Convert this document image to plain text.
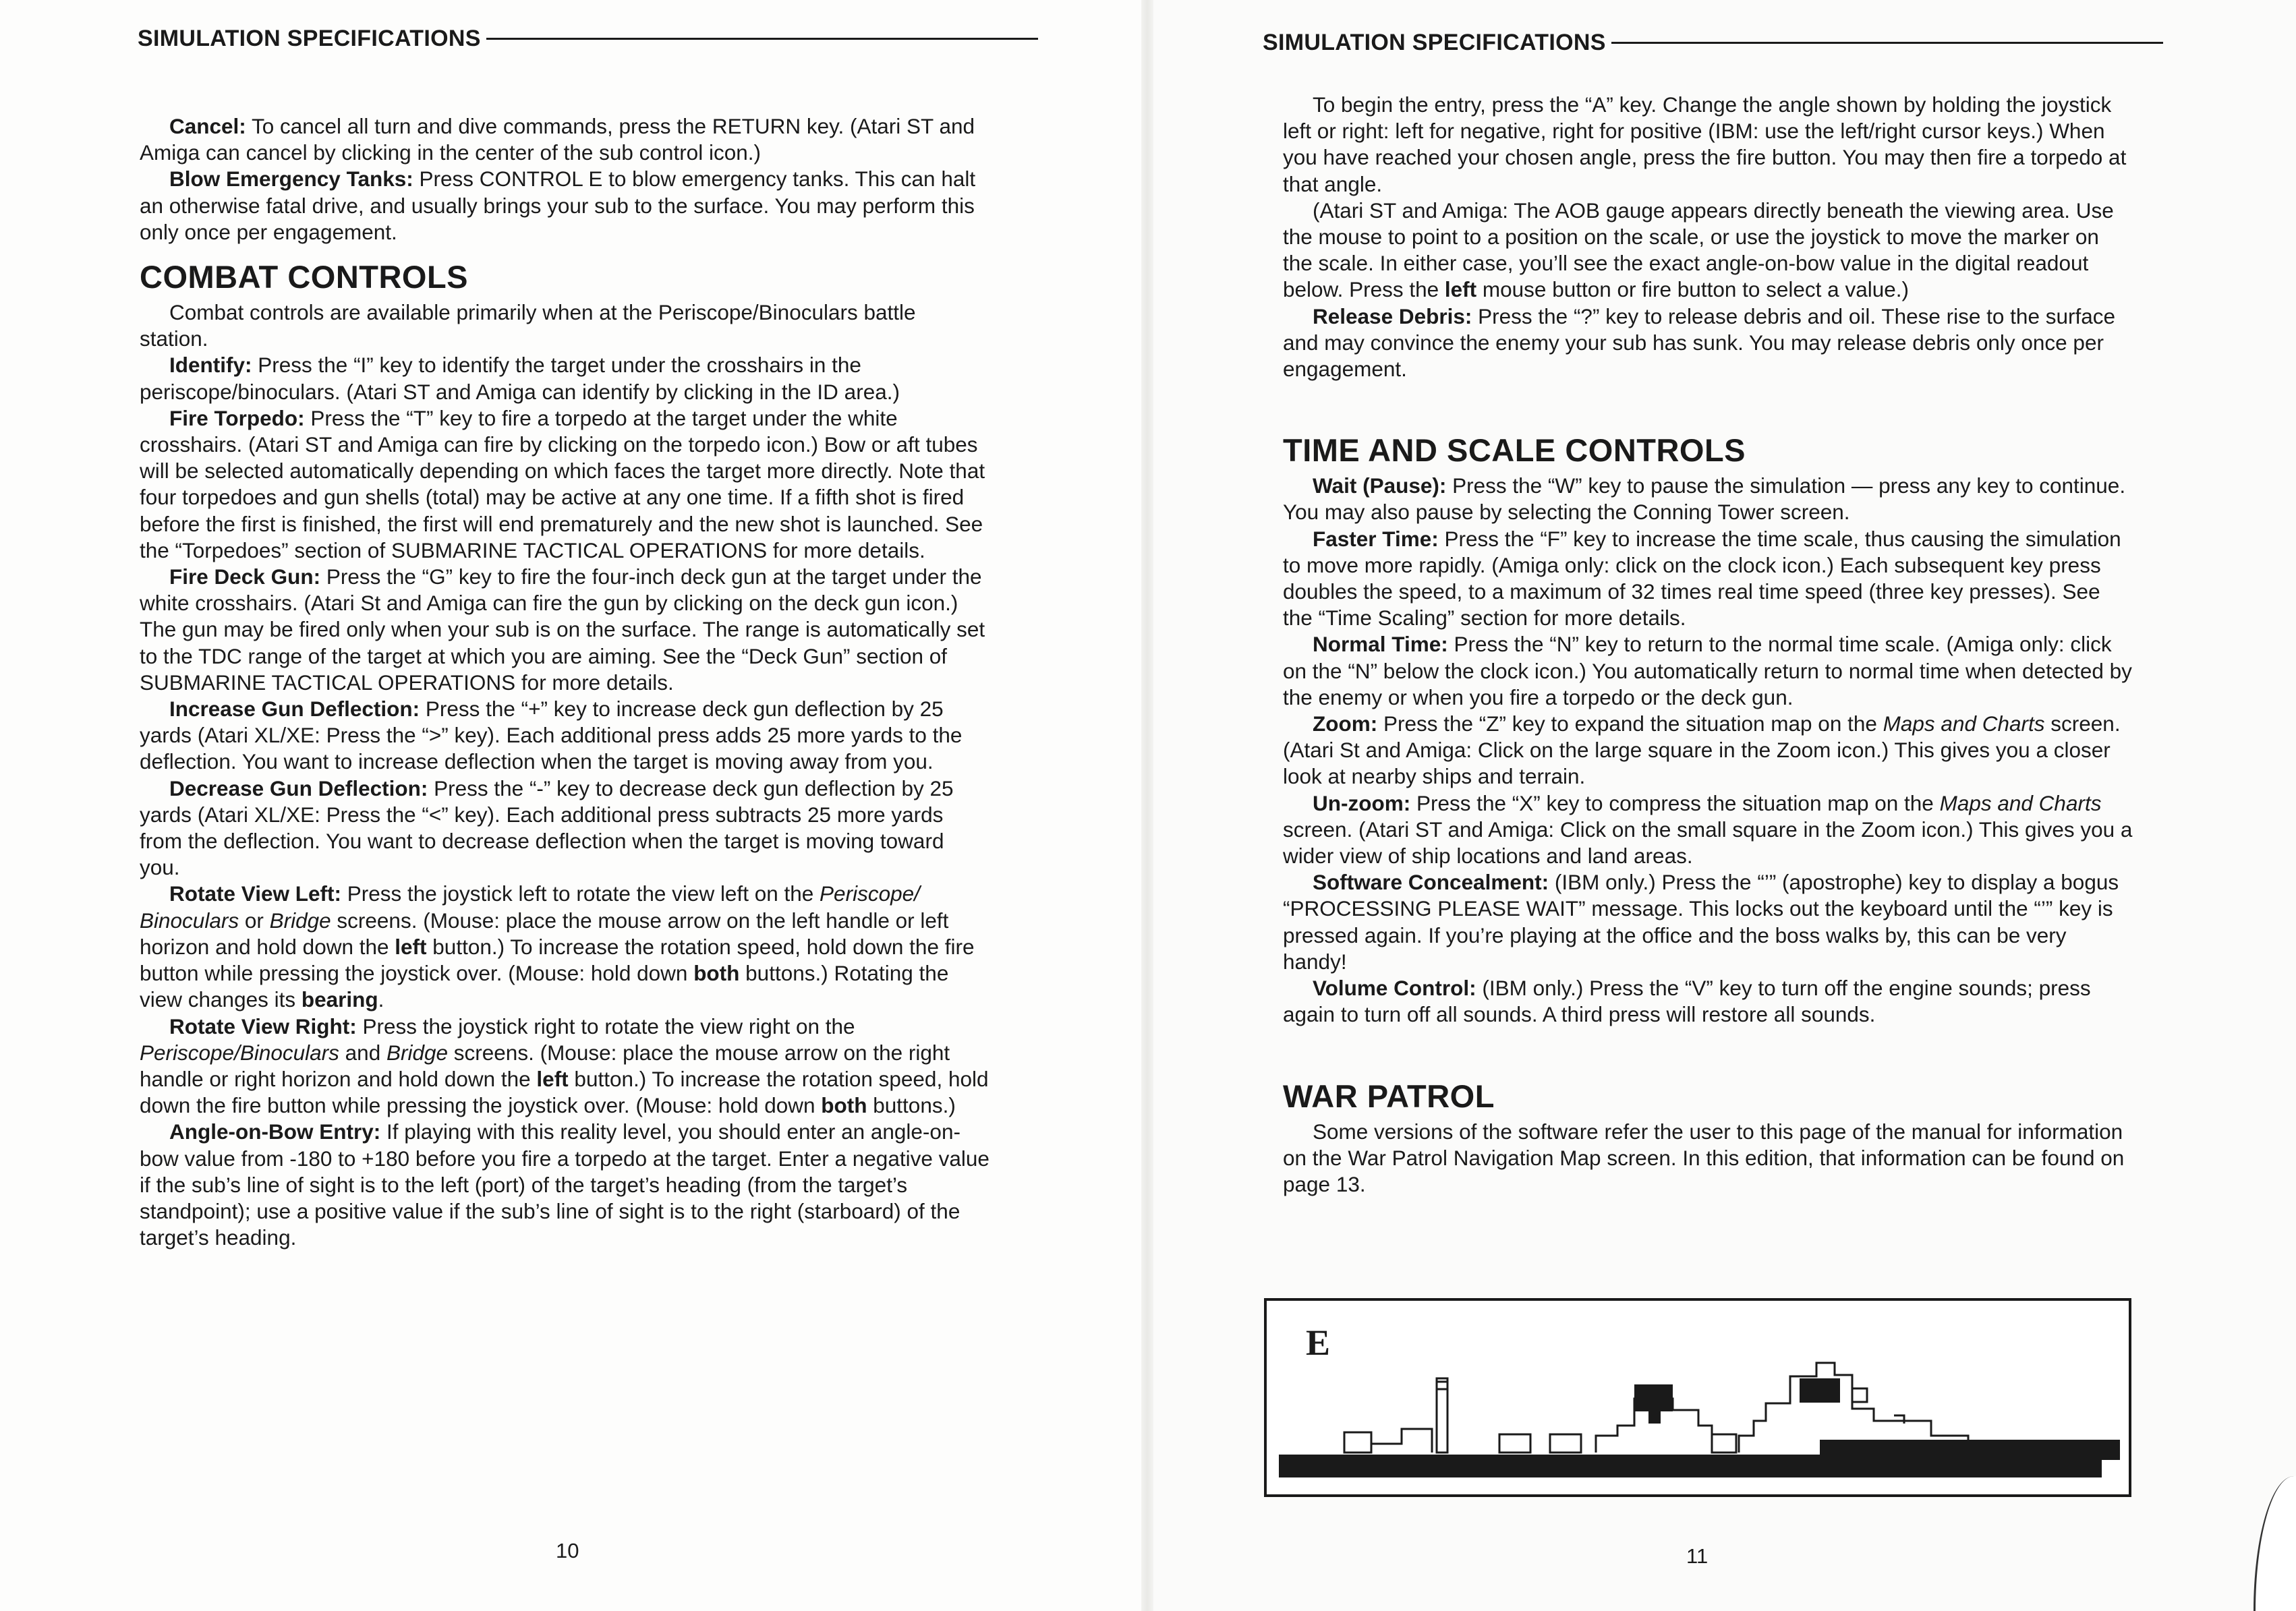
SIMULATION SPECIFICATIONS

Cancel: To cancel all turn and dive commands, press the RETURN key. (Atari ST and Amiga can cancel by clicking in the center of the sub control icon.)

Blow Emergency Tanks: Press CONTROL E to blow emergency tanks. This can halt an otherwise fatal drive, and usually brings your sub to the surface. You may perform this only once per engagement.

COMBAT CONTROLS

Combat controls are available primarily when at the Periscope/Binoculars battle station.

Identify: Press the “I” key to identify the target under the crosshairs in the periscope/binoculars. (Atari ST and Amiga can identify by clicking in the ID area.)

Fire Torpedo: Press the “T” key to fire a torpedo at the target under the white crosshairs. (Atari ST and Amiga can fire by clicking on the torpedo icon.) Bow or aft tubes will be selected automatically depending on which faces the target more directly. Note that four torpedoes and gun shells (total) may be active at any one time. If a fifth shot is fired before the first is finished, the first will end prematurely and the new shot is launched. See the “Torpedoes” section of SUBMARINE TACTICAL OPERATIONS for more details.

Fire Deck Gun: Press the “G” key to fire the four-inch deck gun at the target under the white crosshairs. (Atari St and Amiga can fire the gun by clicking on the deck gun icon.) The gun may be fired only when your sub is on the surface. The range is automatically set to the TDC range of the target at which you are aiming. See the “Deck Gun” section of SUBMARINE TACTICAL OPERATIONS for more details.

Increase Gun Deflection: Press the “+” key to increase deck gun deflection by 25 yards (Atari XL/XE: Press the “>” key). Each additional press adds 25 more yards to the deflection. You want to increase deflection when the target is moving away from you.

Decrease Gun Deflection: Press the “-” key to decrease deck gun deflection by 25 yards (Atari XL/XE: Press the “<” key). Each additional press subtracts 25 more yards from the deflection. You want to decrease deflection when the target is moving toward you.

Rotate View Left: Press the joystick left to rotate the view left on the Periscope/ Binoculars or Bridge screens. (Mouse: place the mouse arrow on the left handle or left horizon and hold down the left button.) To increase the rotation speed, hold down the fire button while pressing the joystick over. (Mouse: hold down both buttons.) Rotating the view changes its bearing.

Rotate View Right: Press the joystick right to rotate the view right on the Periscope/Binoculars and Bridge screens. (Mouse: place the mouse arrow on the right handle or right horizon and hold down the left button.) To increase the rotation speed, hold down the fire button while pressing the joystick over. (Mouse: hold down both buttons.)

Angle-on-Bow Entry: If playing with this reality level, you should enter an angle-on-bow value from -180 to +180 before you fire a torpedo at the target. Enter a negative value if the sub’s line of sight is to the left (port) of the target’s heading (from the target’s standpoint); use a positive value if the sub’s line of sight is to the right (starboard) of the target’s heading.

10
SIMULATION SPECIFICATIONS

To begin the entry, press the “A” key. Change the angle shown by holding the joystick left or right: left for negative, right for positive (IBM: use the left/right cursor keys.) When you have reached your chosen angle, press the fire button. You may then fire a torpedo at that angle.

(Atari ST and Amiga: The AOB gauge appears directly beneath the viewing area. Use the mouse to point to a position on the scale, or use the joystick to move the marker on the scale. In either case, you’ll see the exact angle-on-bow value in the digital readout below. Press the left mouse button or fire button to select a value.)

Release Debris: Press the “?” key to release debris and oil. These rise to the surface and may convince the enemy your sub has sunk. You may release debris only once per engagement.

TIME AND SCALE CONTROLS

Wait (Pause): Press the “W” key to pause the simulation — press any key to continue. You may also pause by selecting the Conning Tower screen.

Faster Time: Press the “F” key to increase the time scale, thus causing the simulation to move more rapidly. (Amiga only: click on the clock icon.) Each subsequent key press doubles the speed, to a maximum of 32 times real time speed (three key presses). See the “Time Scaling” section for more details.

Normal Time: Press the “N” key to return to the normal time scale. (Amiga only: click on the “N” below the clock icon.) You automatically return to normal time when detected by the enemy or when you fire a torpedo or the deck gun.

Zoom: Press the “Z” key to expand the situation map on the Maps and Charts screen. (Atari St and Amiga: Click on the large square in the Zoom icon.) This gives you a closer look at nearby ships and terrain.

Un-zoom: Press the “X” key to compress the situation map on the Maps and Charts screen. (Atari ST and Amiga: Click on the small square in the Zoom icon.) This gives you a wider view of ship locations and land areas.

Software Concealment: (IBM only.) Press the “’” (apostrophe) key to display a bogus “PROCESSING PLEASE WAIT” message. This locks out the keyboard until the “’” key is pressed again. If you’re playing at the office and the boss walks by, this can be very handy!

Volume Control: (IBM only.) Press the “V” key to turn off the engine sounds; press again to turn off all sounds. A third press will restore all sounds.

WAR PATROL

Some versions of the software refer the user to this page of the manual for information on the War Patrol Navigation Map screen. In this edition, that information can be found on page 13.

E
11
